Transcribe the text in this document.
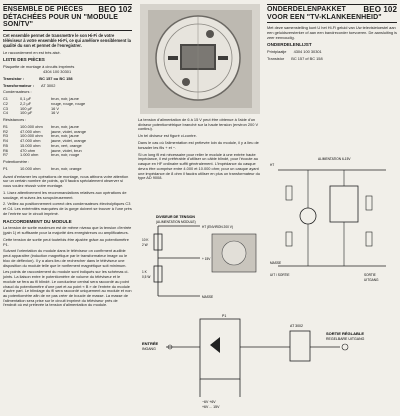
BEO 102
ENSEMBLE DE PIÈCES DÉTACHÉES POUR UN "MODULE SON/TV"

Cet ensemble permet de transmettre le son Hi-Fi de votre téléviseur à votre ensemble Hi-Fi, ce qui améliore sensiblement la qualité du son et permet de l'enregistrer.

Le raccordement en est très aisé.

LISTE DES PIÈCES

Plaquette de montage à circuits imprimés
4304 100 30301

Transistor :	BC 157 ou BC 158

Transformateur : AT 3002

Condensateurs :

C1	0,1 µF	brun, noir, jaune
C2	2,2 µF	rouge, rouge, rouge
C3	100 µF	16 V
C4	100 µF	16 V

Résistances :

R1	100.000 ohm	brun, noir, jaune
R2	47.000 ohm	jaune, violet, orange
R3	100.000 ohm	brun, noir, jaune
R4	47.000 ohm	jaune, violet, orange
R5	15.000 ohm	brun, vert, orange
R6	470 ohm	jaune, violet, brun
R7	1.000 ohm	brun, noir, rouge

Potentiomètre :

P1	10.000 ohm	brun, noir, orange

Avant d'entamer les opérations de montage, nous attirons votre attention sur un certain nombre de points, qu'il faudra spécialement observer si vous voulez réussir votre montage.

1. Lisez attentivement les recommandations relatives aux opérations de soudage, et suivez-les scrupuleusement.

2. Veillez au positionnement correct des condensateurs électrolytiques C3 et C4. Les extrémités marquées de la gorge doivent se trouver à l'une près de l'entrée sur le circuit imprimé.

RACCORDEMENT DU MODULE

La tension de sortie maximum est de même niveau que la tension d'entrée (gain 1) et suffisante pour la majorité des enregistreurs ou amplificateurs.

Cette tension de sortie peut toutefois être ajustée grâce au potentiomètre P1.

Suivant l'orientation du module dans le téléviseur on confirment audible peut apparaître (induction magnétique par le transformateur image ou le bloc de déflexion). Il y a alors lieu de rechercher dans le téléviseur une disposition du module telle que le ronflement magnétique soit minimum.

Les points de raccordement du module sont indiqués sur les schémas ci-joints. La liaison entre le potentiomètre de volume du téléviseur et le module se fera au fil blindé. Le conducteur central sera raccordé au point chaud du potentiomètre d'une part et au point « B » de l'entrée du module d'autre part. Le blindage du fil sera raccordé uniquement au module et non au potentiomètre afin de ne pas créer de boucle de masse. La masse de l'alimentation sera prise sur le circuit imprimé du téléviseur près de l'endroit où est prélevée la tension d'alimentation du module.

La tension d'alimentation de 6 à 15 V peut être obtenue à l'aide d'un diviseur potentiométrique branché sur la haute tension (environ 200 V continu).

Un tel diviseur est figuré ci-contre.

Dans le cas où l'alimentation est prélevée loin du module, il y a lieu de torsader les fils + et −.

Si un long fil est nécessaire pour relier le module à une entrée haute impédance, il est préférable d'utiliser un câble blindé, pour l'écoute au casque en HF ordinaire suffit généralement. L'impédance du casque devra être comprise entre 4.000 et 10.000 ohm; pour un casque ayant une impédance de 8 ohm il faudra utiliser en plus un transformateur du type AD 9008.

DIVISEUR DE TENSION
(ALIMENTATION MODULE)
HT (ENVIRON 200 V)
10 K
2 W
+ 15V
1 K
0,5 W
MASSE
ENTRÉE
INGANG
AT 3002
SORTIE RÉGLABLE
REGELBARE UITGANG
P1
−6V +6V
+6V ... 15V
BEO 102
ONDERDELENPAKKET VOOR EEN "TV-KLANKEENHEID"

Met deze samenstelling kunt U het Hi-Fi geluid van Uw televisietoestel aan een geluidsversterker of aan een bandrecorder toevoeren. De aansluiting is zeer eenvoudig.

ONDERDELENLIJST

Printplaatje 4304 100 30301

Transistor BC 157 of BC 158

ALIMENTATION 6-15V
UIT / SORTIE	SORTIE
UITGANG
HT
MASSE
